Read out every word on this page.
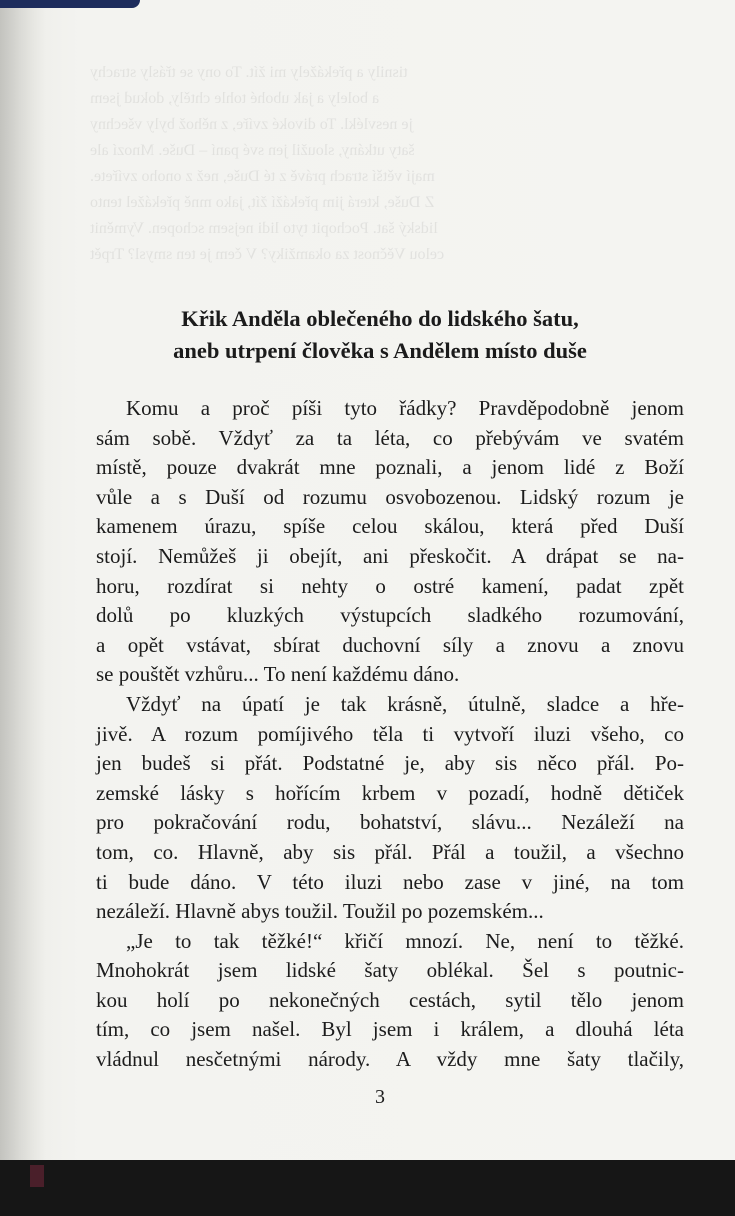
tisnily a překážely mi žít. To ony se třásly strachy
a bolely a jak ubohé tohle chtěly, dokud jsem
je nesvlékl. To divoké zvíře, z něhož byly všechny
šaty utkány, sloužil jen své paní – Duše. Mnozí ale
mají větší strach právě z té Duše, než z onoho zvířete.
Z Duše, která jim překáží žít, jako mně překážel tento
lidský šat. Pochopit tyto lidi nejsem schopen. Vyměnit
celou Věčnost za okamžiky? V čem je ten smysl? Trpět
Křik Anděla oblečeného do lidského šatu,
aneb utrpení člověka s Andělem místo duše
Komu a proč píši tyto řádky? Pravděpodobně jenom
sám sobě. Vždyť za ta léta, co přebývám ve svatém
místě, pouze dvakrát mne poznali, a jenom lidé z Boží
vůle a s Duší od rozumu osvobozenou. Lidský rozum je
kamenem úrazu, spíše celou skálou, která před Duší
stojí. Nemůžeš ji obejít, ani přeskočit. A drápat se na-
horu, rozdírat si nehty o ostré kamení, padat zpět
dolů po kluzkých výstupcích sladkého rozumování,
a opět vstávat, sbírat duchovní síly a znovu a znovu
se pouštět vzhůru... To není každému dáno.
Vždyť na úpatí je tak krásně, útulně, sladce a hře-
jivě. A rozum pomíjivého těla ti vytvoří iluzi všeho, co
jen budeš si přát. Podstatné je, aby sis něco přál. Po-
zemské lásky s hořícím krbem v pozadí, hodně dětiček
pro pokračování rodu, bohatství, slávu... Nezáleží na
tom, co. Hlavně, aby sis přál. Přál a toužil, a všechno
ti bude dáno. V této iluzi nebo zase v jiné, na tom
nezáleží. Hlavně abys toužil. Toužil po pozemském...
„Je to tak těžké!“ křičí mnozí. Ne, není to těžké.
Mnohokrát jsem lidské šaty oblékal. Šel s poutnic-
kou holí po nekonečných cestách, sytil tělo jenom
tím, co jsem našel. Byl jsem i králem, a dlouhá léta
vládnul nesčetnými národy. A vždy mne šaty tlačily,
3
